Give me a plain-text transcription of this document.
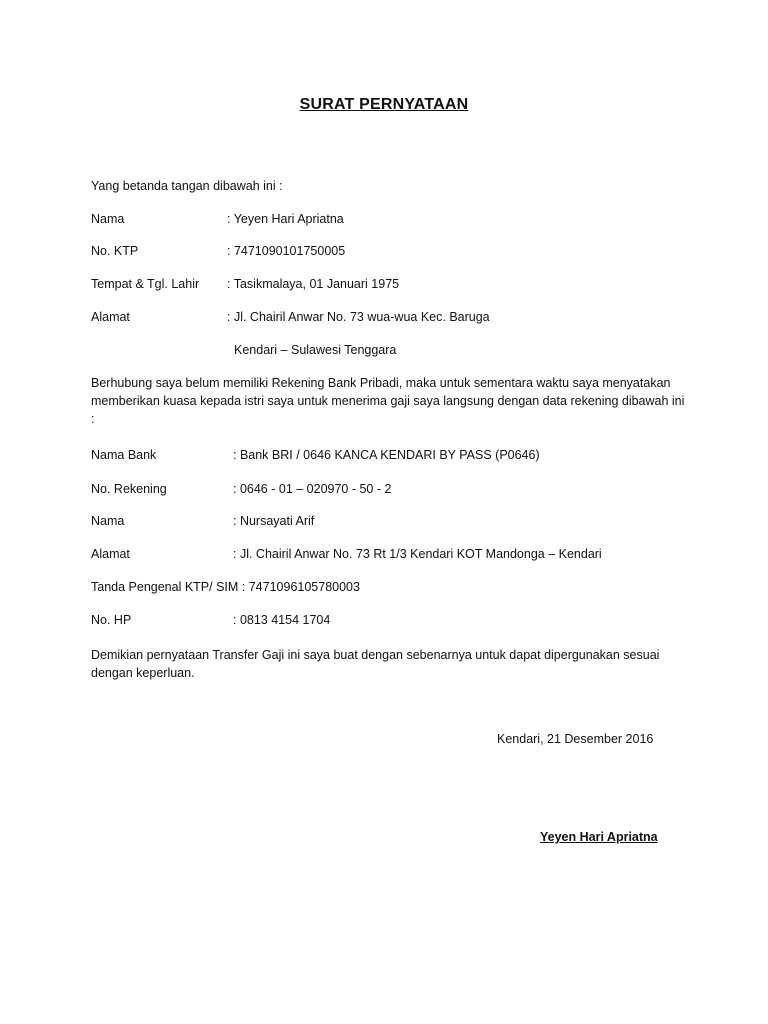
SURAT PERNYATAAN
Yang betanda tangan dibawah ini :
Nama	: Yeyen Hari Apriatna
No. KTP	: 7471090101750005
Tempat & Tgl. Lahir : Tasikmalaya, 01 Januari 1975
Alamat	: Jl. Chairil Anwar No. 73 wua-wua Kec. Baruga
Kendari – Sulawesi Tenggara
Berhubung saya belum memiliki Rekening Bank Pribadi, maka untuk sementara waktu saya menyatakan memberikan kuasa kepada istri saya untuk menerima gaji saya langsung dengan data rekening dibawah ini :
Nama Bank	: Bank BRI / 0646 KANCA KENDARI BY PASS (P0646)
No. Rekening	: 0646 - 01 – 020970 - 50 - 2
Nama	: Nursayati Arif
Alamat	: Jl. Chairil Anwar No. 73 Rt 1/3 Kendari KOT Mandonga – Kendari
Tanda Pengenal KTP/ SIM : 7471096105780003
No. HP	: 0813 4154 1704
Demikian pernyataan Transfer Gaji ini saya buat dengan sebenarnya untuk dapat dipergunakan sesuai dengan keperluan.
Kendari, 21 Desember 2016
Yeyen Hari Apriatna
